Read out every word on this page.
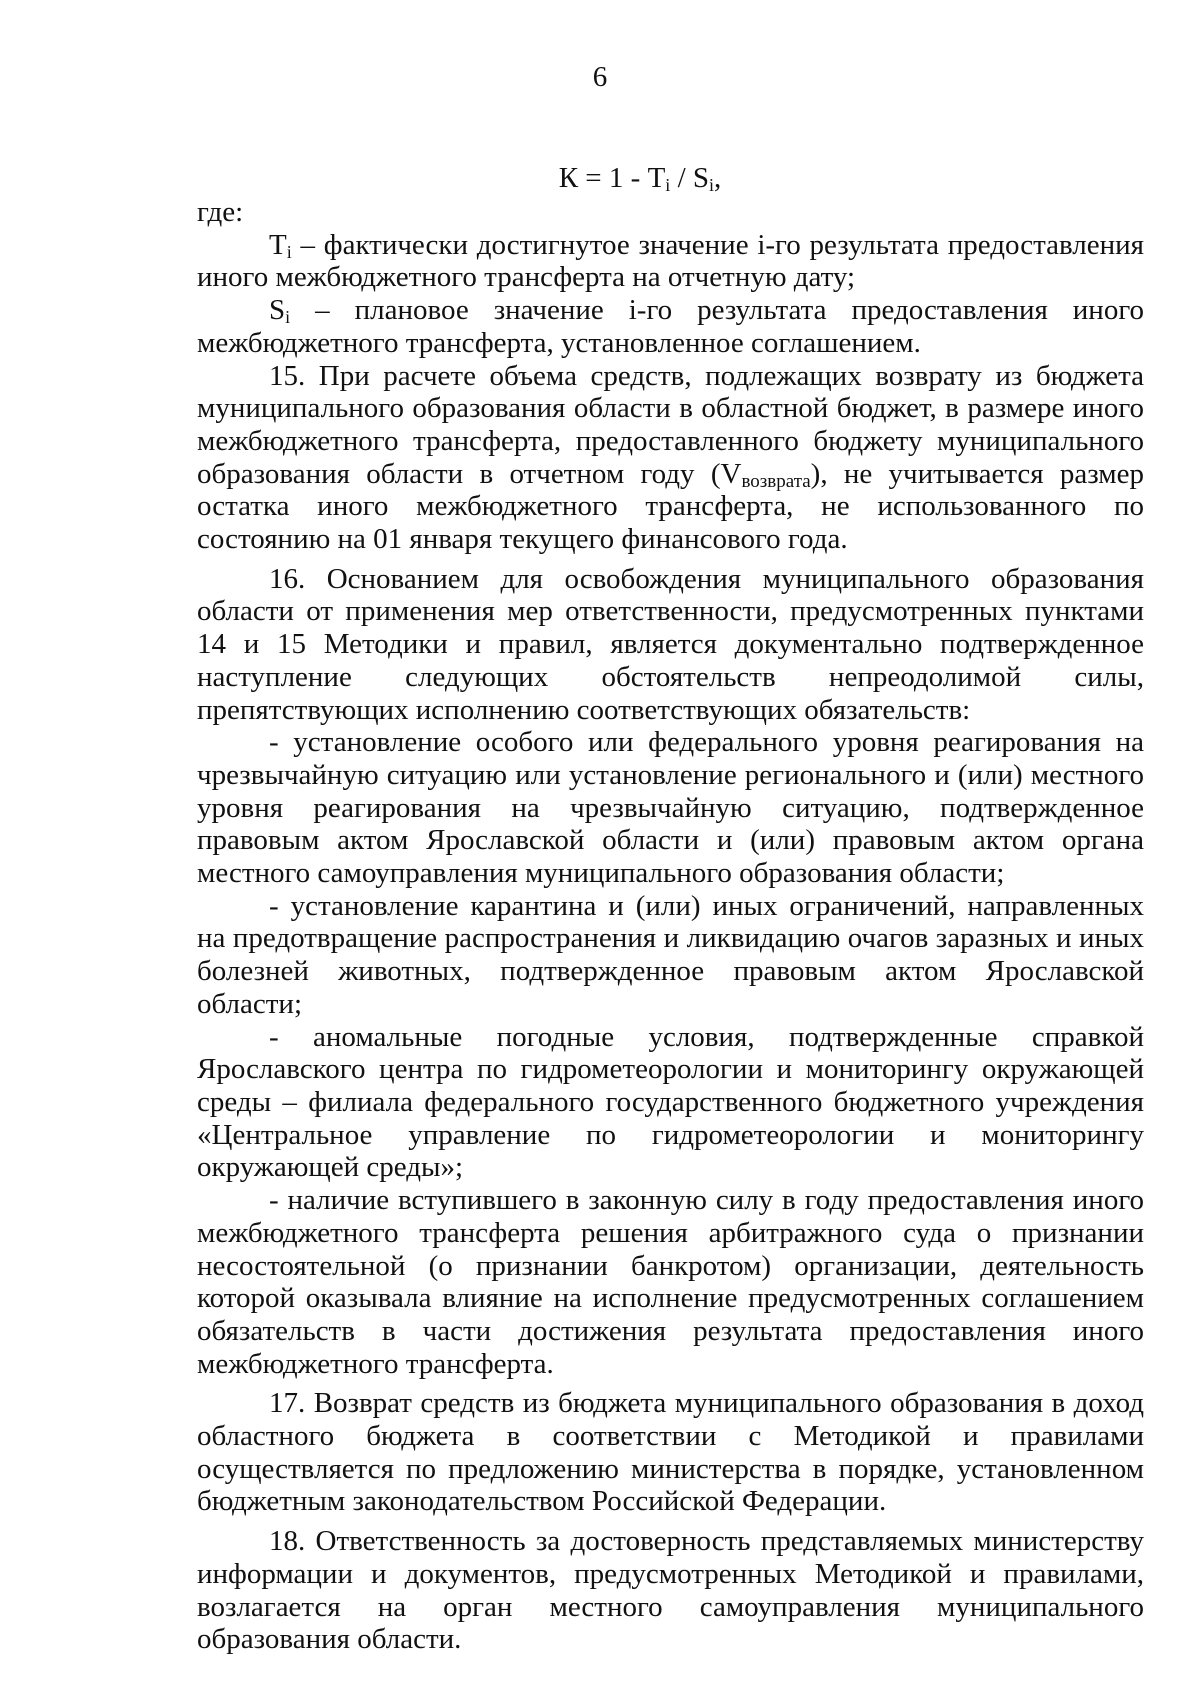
6
$К = 1 - T_i / S_i$,

где:

$T_i$ – фактически достигнутое значение i-го результата предоставления иного межбюджетного трансферта на отчетную дату;

$S_i$ – плановое значение i-го результата предоставления иного межбюджетного трансферта, установленное соглашением.

15. При расчете объема средств, подлежащих возврату из бюджета муниципального образования области в областной бюджет, в размере иного межбюджетного трансферта, предоставленного бюджету муниципального образования области в отчетном году (Vвозврата), не учитывается размер остатка иного межбюджетного трансферта, не использованного по состоянию на 01 января текущего финансового года.

16. Основанием для освобождения муниципального образования области от применения мер ответственности, предусмотренных пунктами 14 и 15 Методики и правил, является документально подтвержденное наступление следующих обстоятельств непреодолимой силы, препятствующих исполнению соответствующих обязательств:

- установление особого или федерального уровня реагирования на чрезвычайную ситуацию или установление регионального и (или) местного уровня реагирования на чрезвычайную ситуацию, подтвержденное правовым актом Ярославской области и (или) правовым актом органа местного самоуправления муниципального образования области;

- установление карантина и (или) иных ограничений, направленных на предотвращение распространения и ликвидацию очагов заразных и иных болезней животных, подтвержденное правовым актом Ярославской области;

- аномальные погодные условия, подтвержденные справкой Ярославского центра по гидрометеорологии и мониторингу окружающей среды – филиала федерального государственного бюджетного учреждения «Центральное управление по гидрометеорологии и мониторингу окружающей среды»;

- наличие вступившего в законную силу в году предоставления иного межбюджетного трансферта решения арбитражного суда о признании несостоятельной (о признании банкротом) организации, деятельность которой оказывала влияние на исполнение предусмотренных соглашением обязательств в части достижения результата предоставления иного межбюджетного трансферта.

17. Возврат средств из бюджета муниципального образования в доход областного бюджета в соответствии с Методикой и правилами осуществляется по предложению министерства в порядке, установленном бюджетным законодательством Российской Федерации.

18. Ответственность за достоверность представляемых министерству информации и документов, предусмотренных Методикой и правилами, возлагается на орган местного самоуправления муниципального образования области.
